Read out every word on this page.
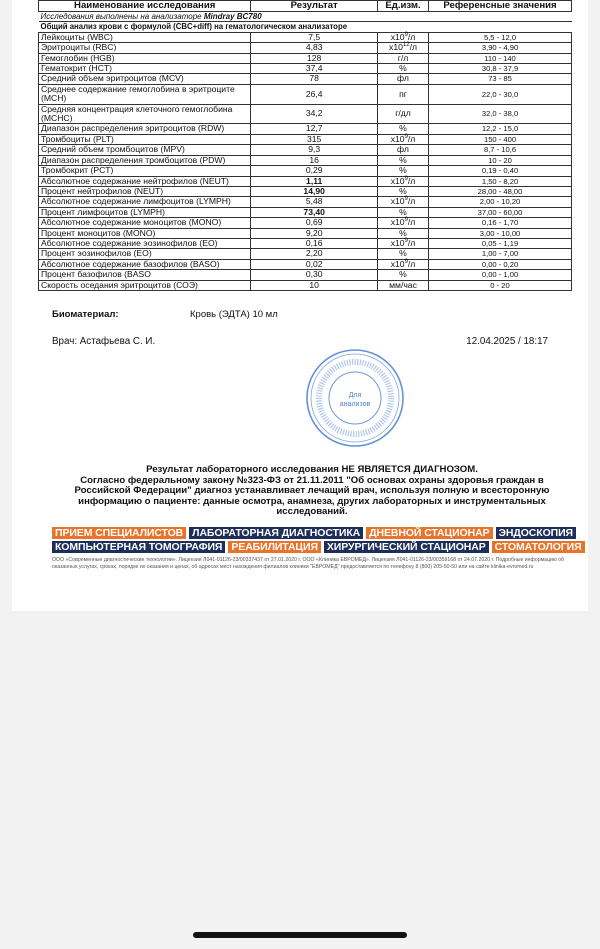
Наименование исследования	Результат	Ед.изм.	Референсные значения
Исследования выполнены на анализаторе Mindray BC780			
Общий анализ крови с формулой (CBC+diff) на гематологическом анализаторе			
Лейкоциты (WBC)	7,5	$x10^9/л$	5,5 - 12,0
Эритроциты (RBC)	4,83	$x10^{12}/л$	3,90 - 4,90
Гемоглобин (HGB)	128	г/л	110 - 140
Гематокрит (HCT)	37,4	%	30,8 - 37,9
Средний объем эритроцитов (MCV)	78	фл	73 - 85
Среднее содержание гемоглобина в эритроците (MCH)	26,4	пг	22,0 - 30,0
Средняя концентрация клеточного гемоглобина (MCHC)	34,2	г/дл	32,0 - 38,0
Диапазон распределения эритроцитов (RDW)	12,7	%	12,2 - 15,0
Тромбоциты (PLT)	315	$x10^9/л$	150 - 400
Средний объем тромбоцитов (MPV)	9,3	фл	8,7 - 10,6
Диапазон распределения тромбоцитов (PDW)	16	%	10 - 20
Тромбокрит (PCT)	0,29	%	0,19 - 0,40
Абсолютное содержание нейтрофилов (NEUT)	1,11	$x10^9/л$	1,50 - 8,20
Процент нейтрофилов (NEUT)	14,90	%	28,00 - 48,00
Абсолютное содержание лимфоцитов (LYMPH)	5,48	$x10^9/л$	2,00 - 10,20
Процент лимфоцитов (LYMPH)	73,40	%	37,00 - 60,00
Абсолютное содержание моноцитов (MONO)	0,69	$x10^9/л$	0,16 - 1,70
Процент моноцитов (MONO)	9,20	%	3,00 - 10,00
Абсолютное содержание эозинофилов (EO)	0,16	$x10^9/л$	0,05 - 1,19
Процент эозинофилов (EO)	2,20	%	1,00 - 7,00
Абсолютное содержание базофилов (BASO)	0,02	$x10^9/л$	0,00 - 0,20
Процент базофилов (BASO	0,30	%	0,00 - 1,00
Скорость оседания эритроцитов (СОЭ)	10	мм/час	0 - 20
Биоматериал:	Кровь (ЭДТА) 10 мл
Врач: Астафьева С. И.	12.04.2025 / 18:17
Для
анализов
Результат лабораторного исследования НЕ ЯВЛЯЕТСЯ ДИАГНОЗОМ.
Согласно федеральному закону №323-ФЗ от 21.11.2011 "Об основах охраны здоровья граждан в Российской Федерации" диагноз устанавливает лечащий врач, используя полную и всесторонную информацию о пациенте: данные осмотра, анамнеза, других лабораторных и инструментальных исследований.
ПРИЕМ СПЕЦИАЛИСТОВ ЛАБОРАТОРНАЯ ДИАГНОСТИКА ДНЕВНОЙ СТАЦИОНАР ЭНДОСКОПИЯ
КОМПЬЮТЕРНАЯ ТОМОГРАФИЯ РЕАБИЛИТАЦИЯ ХИРУРГИЧЕСКИЙ СТАЦИОНАР СТОМАТОЛОГИЯ
ООО «Современные диагностические технологии». Лицензия Л041-01126-23/00337437 от 27.01.2020 г. ООО «Клиника ЕВРОМЕД». Лицензия Л041-01126-23/00359168 от 24.07.2020 г. Подробные информацию об оказанных услугах, сроках, порядке их оказания и ценах, об адресах мест нахождения филиалов клиники "ЕВРОМЕД" предоставляется по телефону 8 (800) 205-50-50 или на сайте klinika-evromed.ru
